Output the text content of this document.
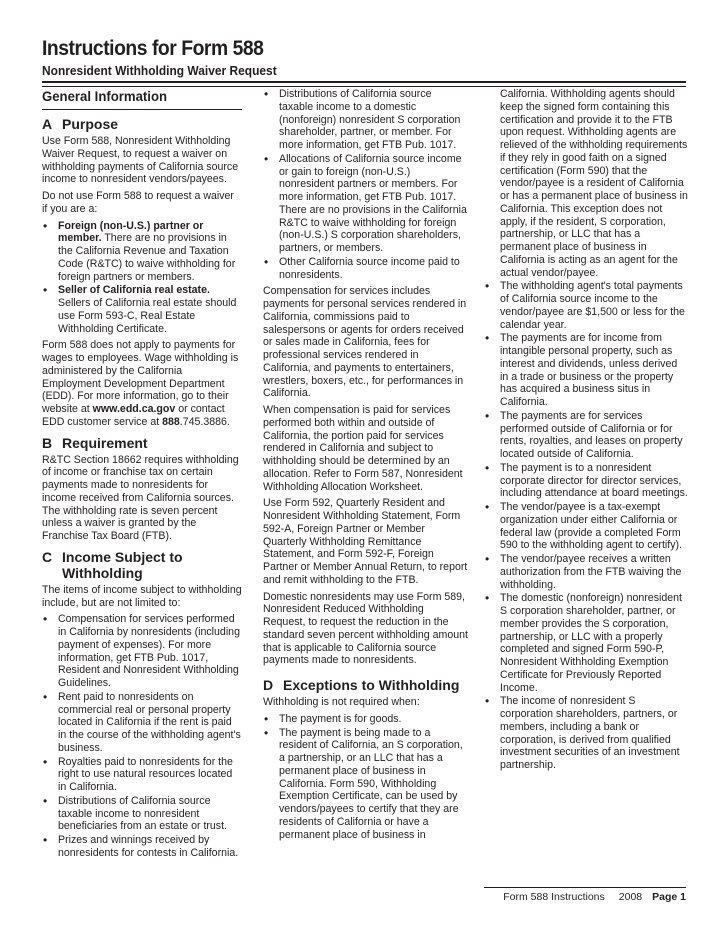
Instructions for Form 588
Nonresident Withholding Waiver Request
General Information
A Purpose

Use Form 588, Nonresident Withholding Waiver Request, to request a waiver on withholding payments of California source income to nonresident vendors/payees.

Do not use Form 588 to request a waiver if you are a:

• Foreign (non-U.S.) partner or member. There are no provisions in the California Revenue and Taxation Code (R&TC) to waive withholding for foreign partners or members.
• Seller of California real estate. Sellers of California real estate should use Form 593-C, Real Estate Withholding Certificate.

Form 588 does not apply to payments for wages to employees. Wage withholding is administered by the California Employment Development Department (EDD). For more information, go to their website at www.edd.ca.gov or contact EDD customer service at 888.745.3886.

B Requirement

R&TC Section 18662 requires withholding of income or franchise tax on certain payments made to nonresidents for income received from California sources. The withholding rate is seven percent unless a waiver is granted by the Franchise Tax Board (FTB).

C Income Subject to
Withholding

The items of income subject to withholding include, but are not limited to:

• Compensation for services performed in California by nonresidents (including payment of expenses). For more information, get FTB Pub. 1017, Resident and Nonresident Withholding Guidelines.
• Rent paid to nonresidents on commercial real or personal property located in California if the rent is paid in the course of the withholding agent's business.
• Royalties paid to nonresidents for the right to use natural resources located in California.
• Distributions of California source taxable income to nonresident beneficiaries from an estate or trust.
• Prizes and winnings received by nonresidents for contests in California.
• Distributions of California source taxable income to a domestic (nonforeign) nonresident S corporation shareholder, partner, or member. For more information, get FTB Pub. 1017.
• Allocations of California source income or gain to foreign (non-U.S.) nonresident partners or members. For more information, get FTB Pub. 1017. There are no provisions in the California R&TC to waive withholding for foreign (non-U.S.) S corporation shareholders, partners, or members.
• Other California source income paid to nonresidents.

Compensation for services includes payments for personal services rendered in California, commissions paid to salespersons or agents for orders received or sales made in California, fees for professional services rendered in California, and payments to entertainers, wrestlers, boxers, etc., for performances in California.

When compensation is paid for services performed both within and outside of California, the portion paid for services rendered in California and subject to withholding should be determined by an allocation. Refer to Form 587, Nonresident Withholding Allocation Worksheet.

Use Form 592, Quarterly Resident and Nonresident Withholding Statement, Form 592-A, Foreign Partner or Member Quarterly Withholding Remittance Statement, and Form 592-F, Foreign Partner or Member Annual Return, to report and remit withholding to the FTB.

Domestic nonresidents may use Form 589, Nonresident Reduced Withholding Request, to request the reduction in the standard seven percent withholding amount that is applicable to California source payments made to nonresidents.

D Exceptions to Withholding

Withholding is not required when:

• The payment is for goods.
• The payment is being made to a resident of California, an S corporation, a partnership, or an LLC that has a permanent place of business in California. Form 590, Withholding Exemption Certificate, can be used by vendors/payees to certify that they are residents of California or have a permanent place of business in
California. Withholding agents should keep the signed form containing this certification and provide it to the FTB upon request. Withholding agents are relieved of the withholding requirements if they rely in good faith on a signed certification (Form 590) that the vendor/payee is a resident of California or has a permanent place of business in California. This exception does not apply, if the resident, S corporation, partnership, or LLC that has a permanent place of business in California is acting as an agent for the actual vendor/payee.
• The withholding agent's total payments of California source income to the vendor/payee are $1,500 or less for the calendar year.
• The payments are for income from intangible personal property, such as interest and dividends, unless derived in a trade or business or the property has acquired a business situs in California.
• The payments are for services performed outside of California or for rents, royalties, and leases on property located outside of California.
• The payment is to a nonresident corporate director for director services, including attendance at board meetings.
• The vendor/payee is a tax-exempt organization under either California or federal law (provide a completed Form 590 to the withholding agent to certify).
• The vendor/payee receives a written authorization from the FTB waiving the withholding.
• The domestic (nonforeign) nonresident S corporation shareholder, partner, or member provides the S corporation, partnership, or LLC with a properly completed and signed Form 590-P, Nonresident Withholding Exemption Certificate for Previously Reported Income.
• The income of nonresident S corporation shareholders, partners, or members, including a bank or corporation, is derived from qualified investment securities of an investment partnership.
Form 588 Instructions 2008 Page 1
